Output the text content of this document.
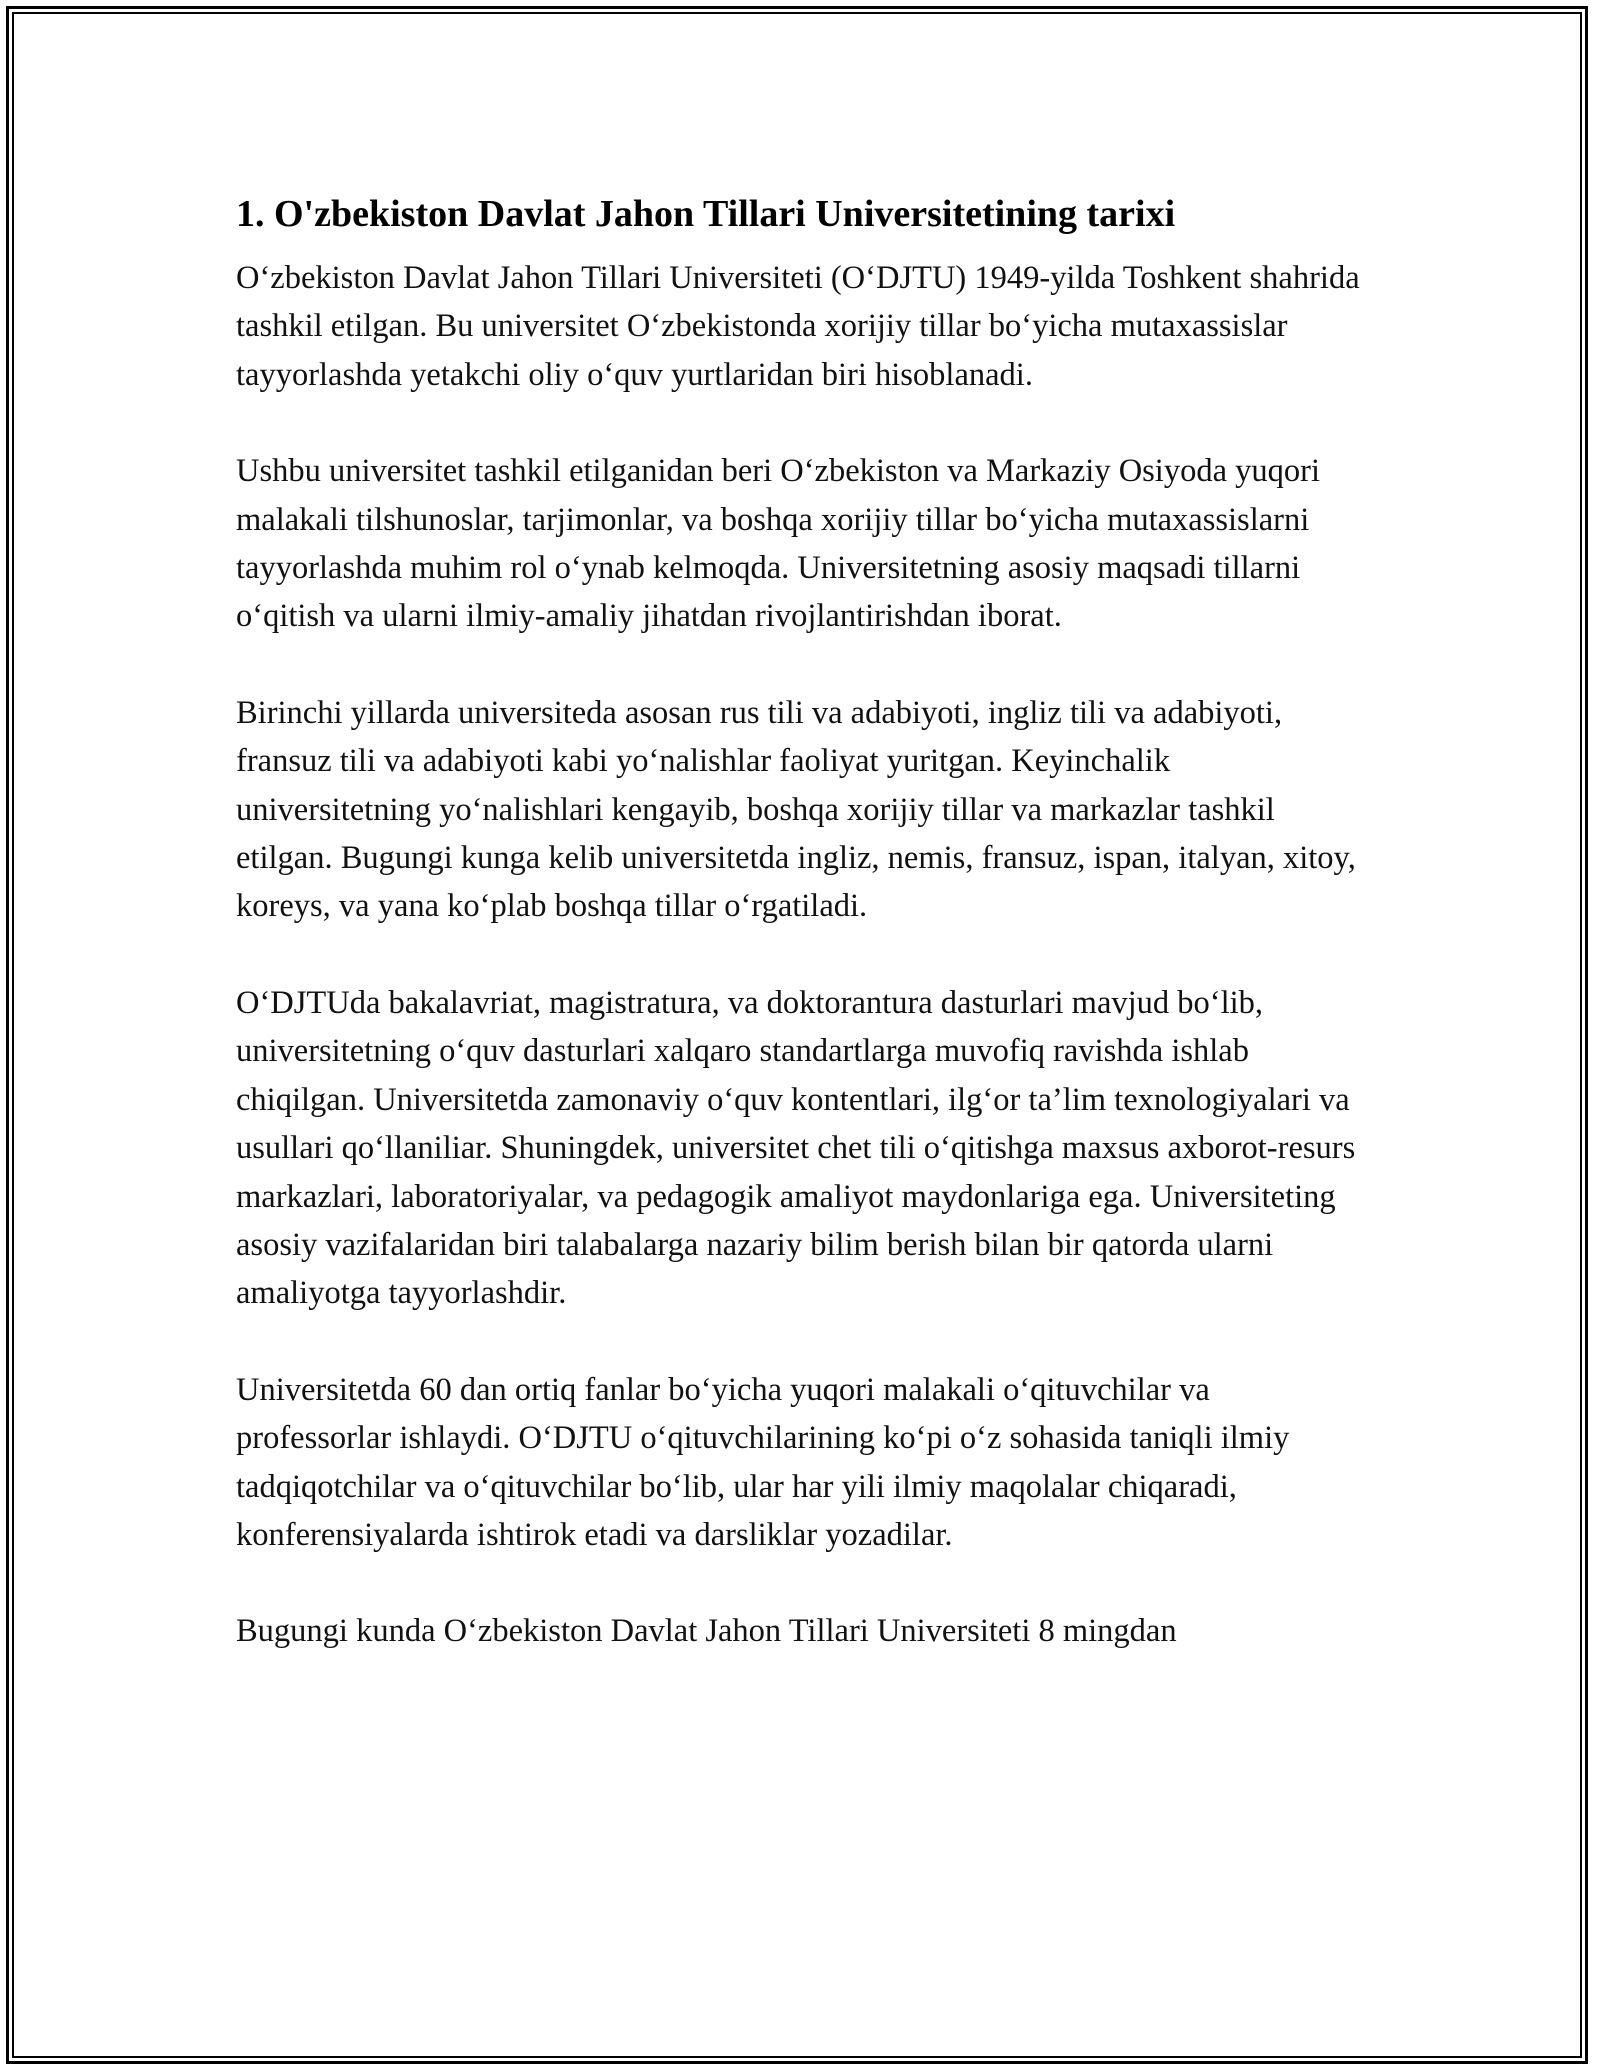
1. O'zbekiston Davlat Jahon Tillari Universitetining tarixi

O‘zbekiston Davlat Jahon Tillari Universiteti (O‘DJTU) 1949-yilda Toshkent shahrida tashkil etilgan. Bu universitet O‘zbekistonda xorijiy tillar bo‘yicha mutaxassislar tayyorlashda yetakchi oliy o‘quv yurtlaridan biri hisoblanadi.

Ushbu universitet tashkil etilganidan beri O‘zbekiston va Markaziy Osiyoda yuqori malakali tilshunoslar, tarjimonlar, va boshqa xorijiy tillar bo‘yicha mutaxassislarni tayyorlashda muhim rol o‘ynab kelmoqda. Universitetning asosiy maqsadi tillarni o‘qitish va ularni ilmiy-amaliy jihatdan rivojlantirishdan iborat.

Birinchi yillarda universiteda asosan rus tili va adabiyoti, ingliz tili va adabiyoti, fransuz tili va adabiyoti kabi yo‘nalishlar faoliyat yuritgan. Keyinchalik universitetning yo‘nalishlari kengayib, boshqa xorijiy tillar va markazlar tashkil etilgan. Bugungi kunga kelib universitetda ingliz, nemis, fransuz, ispan, italyan, xitoy, koreys, va yana ko‘plab boshqa tillar o‘rgatiladi.

O‘DJTUda bakalavriat, magistratura, va doktorantura dasturlari mavjud bo‘lib, universitetning o‘quv dasturlari xalqaro standartlarga muvofiq ravishda ishlab chiqilgan. Universitetda zamonaviy o‘quv kontentlari, ilg‘or ta’lim texnologiyalari va usullari qo‘llaniliar. Shuningdek, universitet chet tili o‘qitishga maxsus axborot-resurs markazlari, laboratoriyalar, va pedagogik amaliyot maydonlariga ega. Universiteting asosiy vazifalaridan biri talabalarga nazariy bilim berish bilan bir qatorda ularni amaliyotga tayyorlashdir.

Universitetda 60 dan ortiq fanlar bo‘yicha yuqori malakali o‘qituvchilar va professorlar ishlaydi. O‘DJTU o‘qituvchilarining ko‘pi o‘z sohasida taniqli ilmiy tadqiqotchilar va o‘qituvchilar bo‘lib, ular har yili ilmiy maqolalar chiqaradi, konferensiyalarda ishtirok etadi va darsliklar yozadilar.

Bugungi kunda O‘zbekiston Davlat Jahon Tillari Universiteti 8 mingdan
